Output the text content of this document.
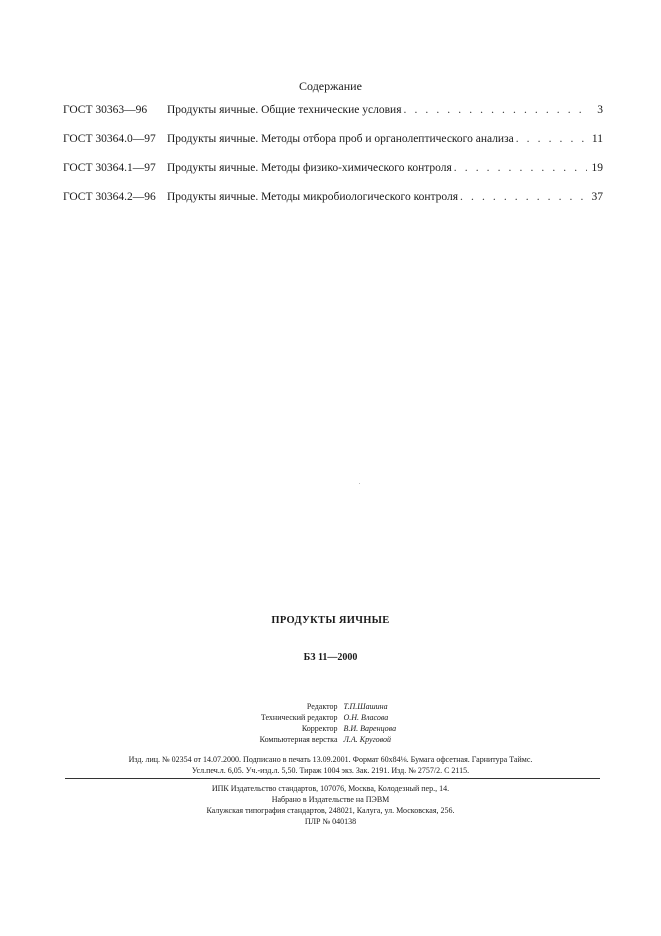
Содержание
ГОСТ 30363—96	Продукты яичные. Общие технические условия . . .	3
ГОСТ 30364.0—97 Продукты яичные. Методы отбора проб и органолептического анализа . . .	11
ГОСТ 30364.1—97 Продукты яичные. Методы физико-химического контроля . . .	19
ГОСТ 30364.2—96 Продукты яичные. Методы микробиологического контроля . . .	37
ПРОДУКТЫ ЯИЧНЫЕ
БЗ 11—2000
Редактор Т.П.Шашина
Технический редактор О.Н. Власова
Корректор В.И. Варенцова
Компьютерная верстка Л.А. Круговой
Изд. лиц. № 02354 от 14.07.2000. Подписано в печать 13.09.2001. Формат 60x84⅛. Бумага офсетная. Гарнитура Таймс.
Усл.печ.л. 6,05. Уч.-изд.л. 5,50. Тираж 1004 экз. Зак. 2191. Изд. № 2757/2. С 2115.
ИПК Издательство стандартов, 107076, Москва, Колодезный пер., 14.
Набрано в Издательстве на ПЭВМ
Калужская типография стандартов, 248021, Калуга, ул. Московская, 256.
ПЛР № 040138
